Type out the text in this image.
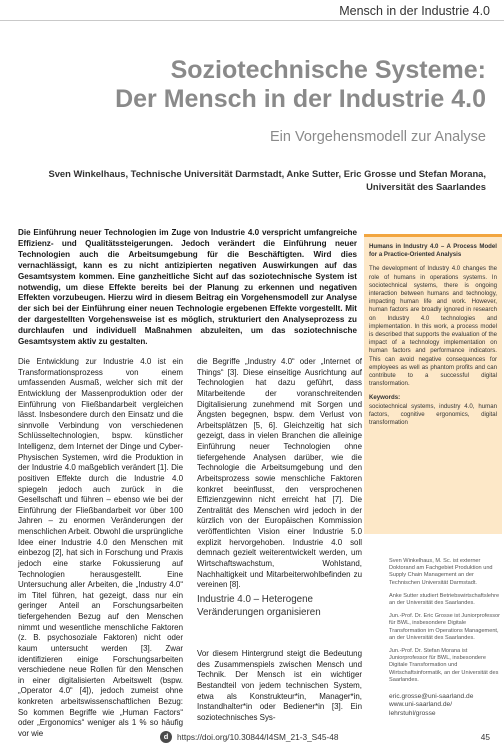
Mensch in der Industrie 4.0
Soziotechnische Systeme:
Der Mensch in der Industrie 4.0
Ein Vorgehensmodell zur Analyse
Sven Winkelhaus, Technische Universität Darmstadt, Anke Sutter, Eric Grosse und Stefan Morana,
Universität des Saarlandes
Die Einführung neuer Technologien im Zuge von Industrie 4.0 verspricht umfangreiche Effizienz- und Qualitätssteigerungen. Jedoch verändert die Einführung neuer Technologien auch die Arbeitsumgebung für die Beschäftigten. Wird dies vernachlässigt, kann es zu nicht antizipierten negativen Auswirkungen auf das Gesamtsystem kommen. Eine ganzheitliche Sicht auf das soziotechnische System ist notwendig, um diese Effekte bereits bei der Planung zu erkennen und negativen Effekten vorzubeugen. Hierzu wird in diesem Beitrag ein Vorgehensmodell zur Analyse der sich bei der Einführung einer neuen Technologie ergebenen Effekte vorgestellt. Mit der dargestellten Vorgehensweise ist es möglich, strukturiert den Analyseprozess zu durchlaufen und individuell Maßnahmen abzuleiten, um das soziotechnische Gesamtsystem aktiv zu gestalten.
Die Entwicklung zur Industrie 4.0 ist ein Transformationsprozess von einem umfassenden Ausmaß, welcher sich mit der Entwicklung der Massenproduktion oder der Einführung von Fließbandarbeit vergleichen lässt. Insbesondere durch den Einsatz und die sinnvolle Verbindung von verschiedenen Schlüsseltechnologien, bspw. künstlicher Intelligenz, dem Internet der Dinge und Cyber-Physischen Systemen, wird die Produktion in der Industrie 4.0 maßgeblich verändert [1]. Die positiven Effekte durch die Industrie 4.0 spiegeln jedoch auch zurück in die Gesellschaft und führen – ebenso wie bei der Einführung der Fließbandarbeit vor über 100 Jahren – zu enormen Veränderungen der menschlichen Arbeit. Obwohl die ursprüngliche Idee einer Industrie 4.0 den Menschen mit einbezog [2], hat sich in Forschung und Praxis jedoch eine starke Fokussierung auf Technologien herausgestellt. Eine Untersuchung aller Arbeiten, die „Industry 4.0“ im Titel führen, hat gezeigt, dass nur ein geringer Anteil an Forschungsarbeiten tiefergehenden Bezug auf den Menschen nimmt und wesentliche menschliche Faktoren (z. B. psychosoziale Faktoren) nicht oder kaum untersucht werden [3]. Zwar identifizieren einige Forschungsarbeiten verschiedene neue Rollen für den Menschen in einer digitalisierten Arbeitswelt (bspw. „Operator 4.0“ [4]), jedoch zumeist ohne konkreten arbeitswissenschaftlichen Bezug: So kommen Begriffe wie „Human Factors“ oder „Ergonomics“ weniger als 1 % so häufig vor wie
die Begriffe „Industry 4.0“ oder „Internet of Things“ [3]. Diese einseitige Ausrichtung auf Technologien hat dazu geführt, dass Mitarbeitende der voranschreitenden Digitalisierung zunehmend mit Sorgen und Ängsten begegnen, bspw. dem Verlust von Arbeitsplätzen [5, 6]. Gleichzeitig hat sich gezeigt, dass in vielen Branchen die alleinige Einführung neuer Technologien ohne tiefergehende Analysen darüber, wie die Technologie die Arbeitsumgebung und den Arbeitsprozess sowie menschliche Faktoren konkret beeinflusst, den versprochenen Effizienzgewinn nicht erreicht hat [7]. Die Zentralität des Menschen wird jedoch in der kürzlich von der Europäischen Kommission veröffentlichten Vision einer Industrie 5.0 explizit hervorgehoben. Industrie 4.0 soll demnach gezielt weiterentwickelt werden, um Wirtschaftswachstum, Wohlstand, Nachhaltigkeit und Mitarbeiterwohlbefinden zu vereinen [8].
Industrie 4.0 – Heterogene Veränderungen organisieren
Vor diesem Hintergrund steigt die Bedeutung des Zusammenspiels zwischen Mensch und Technik. Der Mensch ist ein wichtiger Bestandteil von jedem technischen System, etwa als Konstrukteur*in, Manager*in, Instandhalter*in oder Bediener*in [3]. Ein soziotechnisches Sys-
Humans in Industry 4.0 – A Process Model for a Practice-Oriented Analysis
The development of Industry 4.0 changes the role of humans in operations systems. In sociotechnical systems, there is ongoing interaction between humans and technology, impacting human life and work. However, human factors are broadly ignored in research on Industry 4.0 technologies and implementation. In this work, a process model is described that supports the evaluation of the impact of a technology implementation on human factors and performance indicators. This can avoid negative consequences for employees as well as phantom profits and can contribute to a successful digital transformation.
Keywords:
sociotechnical systems, industry 4.0, human factors, cognitive ergonomics, digital transformation
Sven Winkelhaus, M. Sc. ist externer Doktorand am Fachgebiet Produktion und Supply Chain Management an der Technischen Universität Darmstadt.
Anke Sutter studiert Betriebswirtschaftslehre an der Universität des Saarlandes.
Jun.-Prof. Dr. Eric Grosse ist Juniorprofessor für BWL, insbesondere Digitale Transformation im Operations Management, an der Universität des Saarlandes.
Jun.-Prof. Dr. Stefan Morana ist Juniorprofessor für BWL, insbesondere Digitale Transformation und Wirtschaftsinformatik, an der Universität des Saarlandes.
eric.grosse@uni-saarland.de
www.uni-saarland.de/
lehrstuhl/grosse
d	https://doi.org/10.30844/I4SM_21-3_S45-48	45
